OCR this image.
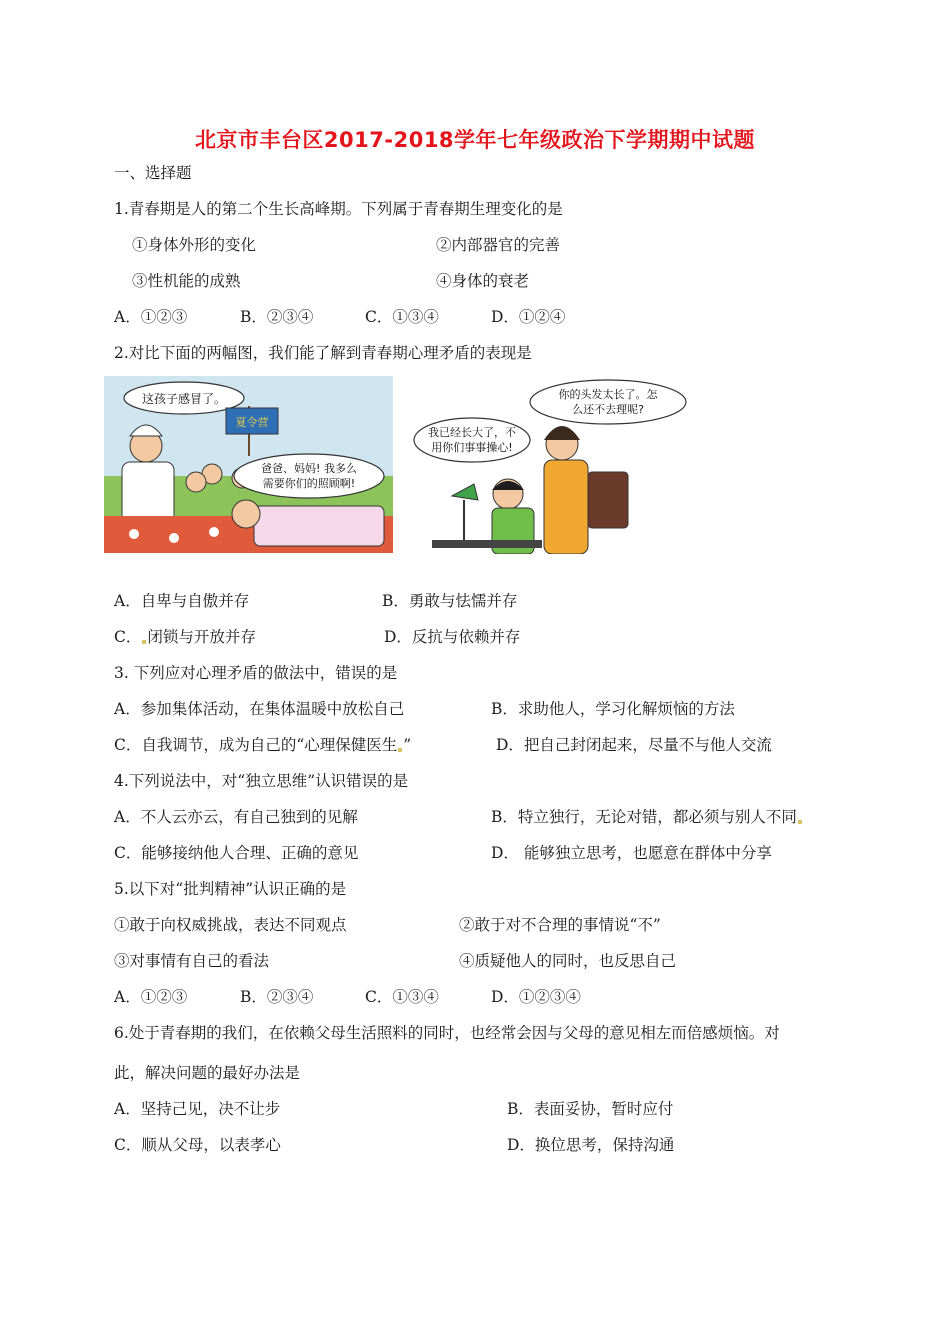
北京市丰台区2017-2018学年七年级政治下学期期中试题
一、选择题
1.青春期是人的第二个生长高峰期。下列属于青春期生理变化的是
①身体外形的变化	②内部器官的完善
③性机能的成熟	④身体的衰老
A．①②③	B．②③④	C．①③④	D．①②④
2.对比下面的两幅图，我们能了解到青春期心理矛盾的表现是
这孩子感冒了。
夏令营
爸爸、妈妈! 我多么
需要你们的照顾啊!
你的头发太长了。怎
么还不去理呢?
我已经长大了，不
用你们事事操心!
A．自卑与自傲并存	B．勇敢与怯懦并存
C． 闭锁与开放并存	D．反抗与依赖并存
3. 下列应对心理矛盾的做法中，错误的是
A．参加集体活动，在集体温暖中放松自己	B．求助他人，学习化解烦恼的方法
C．自我调节，成为自己的“心理保健医生 ”	D．把自己封闭起来，尽量不与他人交流
4.下列说法中，对“独立思维”认识错误的是
A．不人云亦云，有自己独到的见解	B．特立独行，无论对错，都必须与别人不同
C．能够接纳他人合理、正确的意见	D． 能够独立思考，也愿意在群体中分享
5.以下对“批判精神”认识正确的是
①敢于向权威挑战，表达不同观点	②敢于对不合理的事情说“不”
③对事情有自己的看法	④质疑他人的同时，也反思自己
A．①②③	B．②③④	C．①③④	D．①②③④
6.处于青春期的我们，在依赖父母生活照料的同时，也经常会因与父母的意见相左而倍感烦恼。对
此，解决问题的最好办法是
A．坚持己见，决不让步	B．表面妥协，暂时应付
C．顺从父母，以表孝心	D．换位思考，保持沟通
